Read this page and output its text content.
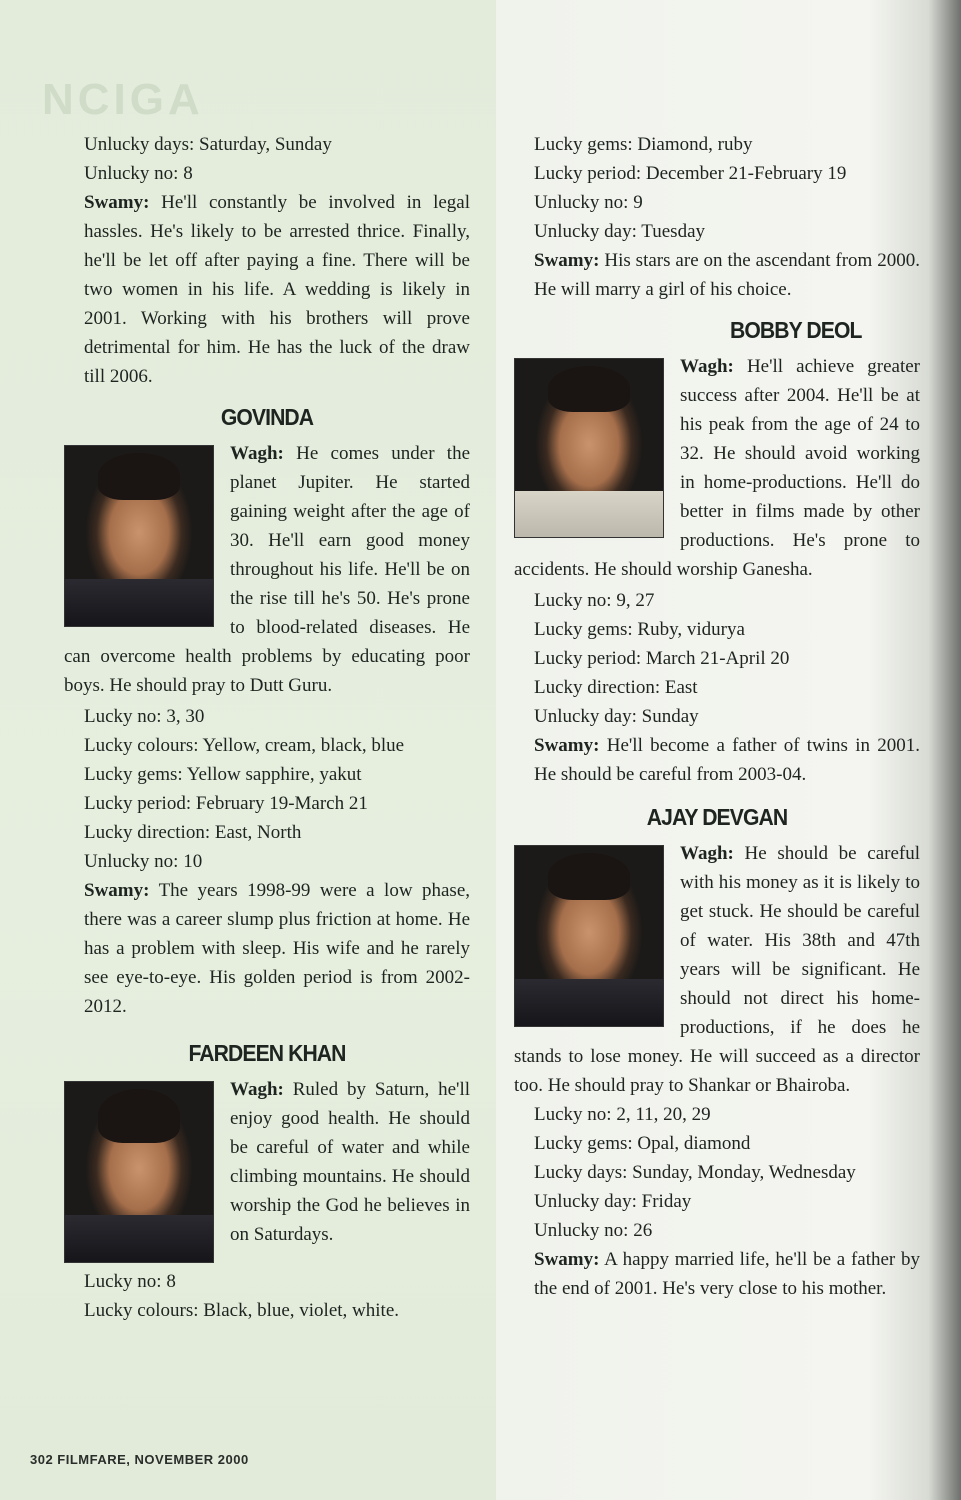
NCIGA

Unlucky days: Saturday, Sunday

Unlucky no: 8

Swamy: He'll constantly be involved in legal hassles. He's likely to be arrested thrice. Finally, he'll be let off after paying a fine. There will be two women in his life. A wedding is likely in 2001. Working with his brothers will prove detrimental for him. He has the luck of the draw till 2006.

GOVINDA

Wagh: He comes under the planet Jupiter. He started gaining weight after the age of 30. He'll earn good money throughout his life. He'll be on the rise till he's 50. He's prone to blood-related diseases. He can overcome health problems by educating poor boys. He should pray to Dutt Guru.

Lucky no: 3, 30

Lucky colours: Yellow, cream, black, blue

Lucky gems: Yellow sapphire, yakut

Lucky period: February 19-March 21

Lucky direction: East, North

Unlucky no: 10

Swamy: The years 1998-99 were a low phase, there was a career slump plus friction at home. He has a problem with sleep. His wife and he rarely see eye-to-eye. His golden period is from 2002-2012.

FARDEEN KHAN

Wagh: Ruled by Saturn, he'll enjoy good health. He should be careful of water and while climbing mountains. He should worship the God he believes in on Saturdays.

Lucky no: 8

Lucky colours: Black, blue, violet, white.

Lucky gems: Diamond, ruby

Lucky period: December 21-February 19

Unlucky no: 9

Unlucky day: Tuesday

Swamy: His stars are on the ascendant from 2000. He will marry a girl of his choice.

BOBBY DEOL

Wagh: He'll achieve greater success after 2004. He'll be at his peak from the age of 24 to 32. He should avoid working in home-productions. He'll do better in films made by other productions. He's prone to accidents. He should worship Ganesha.

Lucky no: 9, 27

Lucky gems: Ruby, vidurya

Lucky period: March 21-April 20

Lucky direction: East

Unlucky day: Sunday

Swamy: He'll become a father of twins in 2001. He should be careful from 2003-04.

AJAY DEVGAN

Wagh: He should be careful with his money as it is likely to get stuck. He should be careful of water. His 38th and 47th years will be significant. He should not direct his home-productions, if he does he stands to lose money. He will succeed as a director too. He should pray to Shankar or Bhairoba.

Lucky no: 2, 11, 20, 29

Lucky gems: Opal, diamond

Lucky days: Sunday, Monday, Wednesday

Unlucky day: Friday

Unlucky no: 26

Swamy: A happy married life, he'll be a father by the end of 2001. He's very close to his mother.

302 FILMFARE, NOVEMBER 2000
